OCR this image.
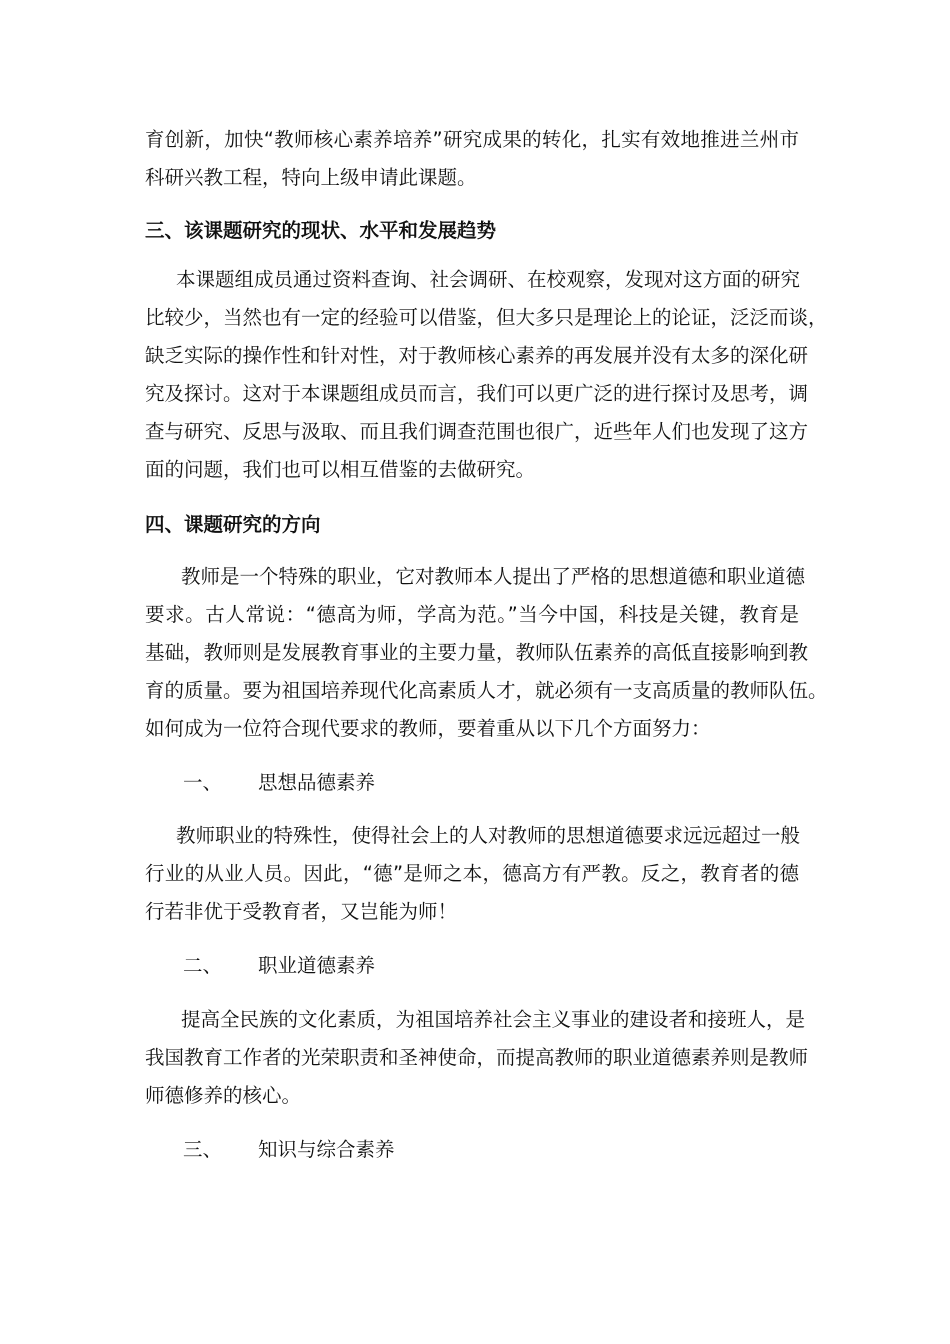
育创新，加快“教师核心素养培养”研究成果的转化，扎实有效地推进兰州市
科研兴教工程，特向上级申请此课题。
三、该课题研究的现状、水平和发展趋势
本课题组成员通过资料查询、社会调研、在校观察，发现对这方面的研究
比较少，当然也有一定的经验可以借鉴，但大多只是理论上的论证，泛泛而谈，
缺乏实际的操作性和针对性，对于教师核心素养的再发展并没有太多的深化研
究及探讨。这对于本课题组成员而言，我们可以更广泛的进行探讨及思考，调
查与研究、反思与汲取、而且我们调查范围也很广，近些年人们也发现了这方
面的问题，我们也可以相互借鉴的去做研究。
四、课题研究的方向
教师是一个特殊的职业，它对教师本人提出了严格的思想道德和职业道德
要求。古人常说：“德高为师，学高为范。”当今中国，科技是关键，教育是
基础，教师则是发展教育事业的主要力量，教师队伍素养的高低直接影响到教
育的质量。要为祖国培养现代化高素质人才，就必须有一支高质量的教师队伍。
如何成为一位符合现代要求的教师，要着重从以下几个方面努力：
一、 思想品德素养
教师职业的特殊性，使得社会上的人对教师的思想道德要求远远超过一般
行业的从业人员。因此，“德”是师之本，德高方有严教。反之，教育者的德
行若非优于受教育者，又岂能为师！
二、 职业道德素养
提高全民族的文化素质，为祖国培养社会主义事业的建设者和接班人，是
我国教育工作者的光荣职责和圣神使命，而提高教师的职业道德素养则是教师
师德修养的核心。
三、 知识与综合素养
